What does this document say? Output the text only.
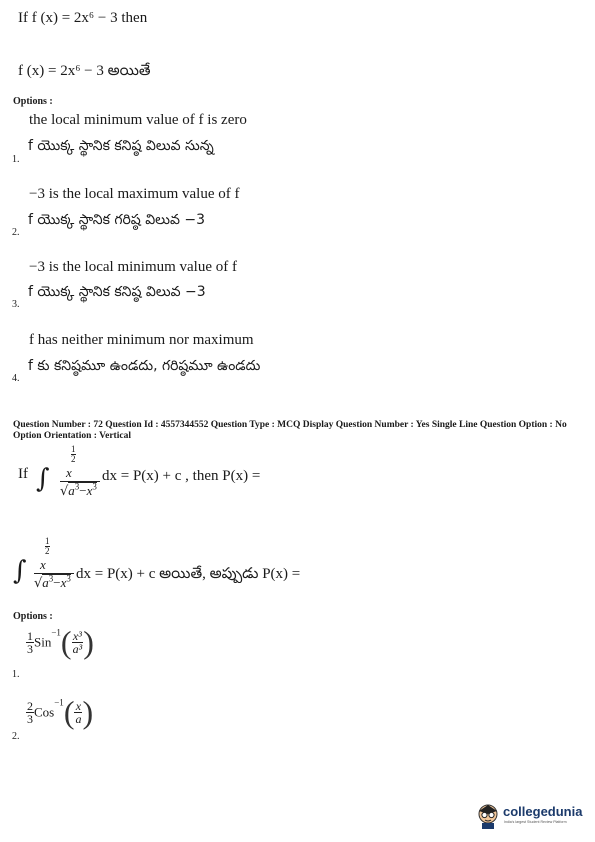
If f (x) = 2x⁶ − 3 then
f (x) = 2x⁶ − 3 అయితే
Options :
the local minimum value of f is zero
f యొక్క స్థానిక కనిష్ఠ విలువ సున్న
1.
−3 is the local maximum value of f
f యొక్క స్థానిక గరిష్ఠ విలువ −3
2.
−3 is the local minimum value of f
f యొక్క స్థానిక కనిష్ఠ విలువ −3
3.
f has neither minimum nor maximum
f కు కనిష్ఠమూ ఉండదు, గరిష్ఠమూ ఉండదు
4.
Question Number : 72 Question Id : 4557344552 Question Type : MCQ Display Question Number : Yes Single Line Question Option : No Option Orientation : Vertical
If ∫
$\frac{1}{2}$
x
$√a^3-x^3$
dx = P(x) + c , then P(x) =
∫
$\frac{1}{2}$
x
$√a^3-x^3$ dx = P(x) + c అయితే, అప్పుడు P(x) =
Options :
$\frac{1}{3} Sin^{-1}( \frac{\text{x³}}{\text{a³}}$ )
1.
$\frac{2}{3} Cos^{-1}( \frac{x}{a}$ )
2.
collegedunia
India's largest Student Review Platform
